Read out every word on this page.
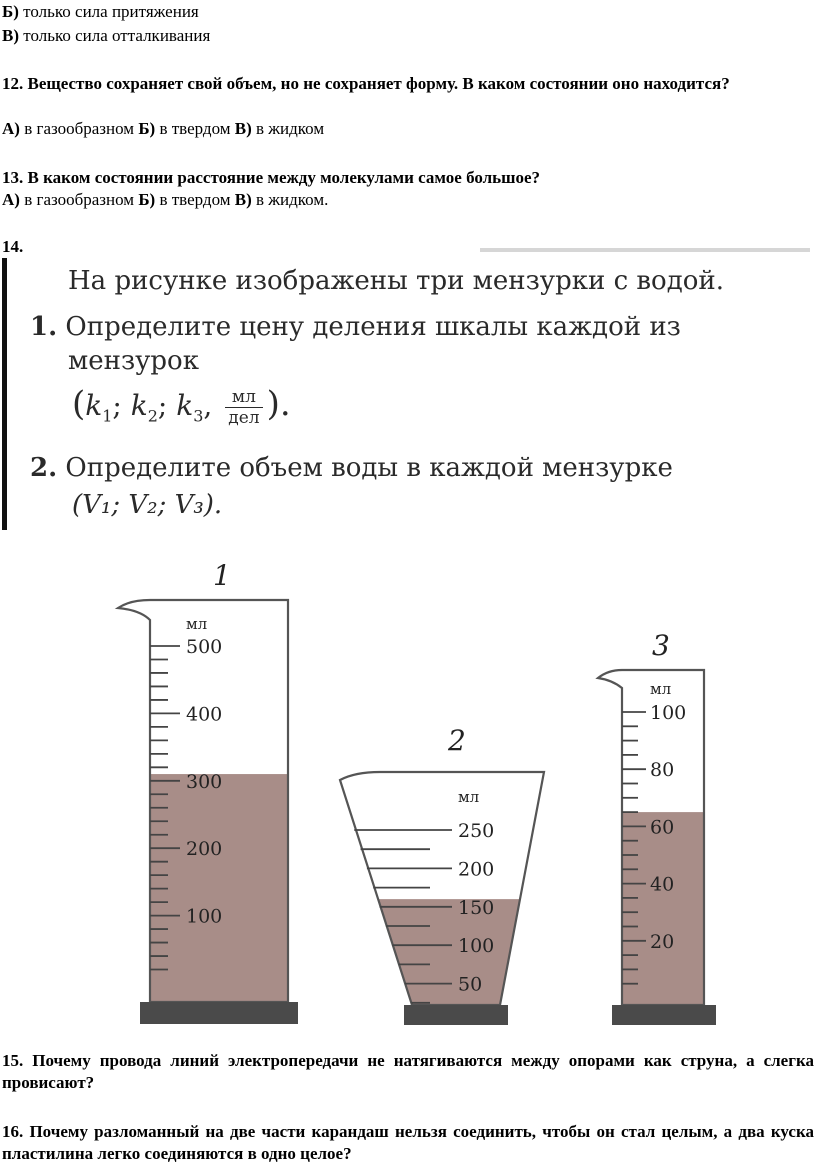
Б) только сила притяжения
В) только сила отталкивания
12. Вещество сохраняет свой объем, но не сохраняет форму. В каком состоянии оно находится?
А) в газообразном Б) в твердом В) в жидком
13. В каком состоянии расстояние между молекулами самое большое?
А) в газообразном Б) в твердом В) в жидком.
14.
На рисунке изображены три мензурки с водой.
1. Определите цену деления шкалы каждой из
мензурок
($k_1$; $k_2$; $k_3$,	мл
дел ).
2. Определите объем воды в каждой мензурке
(V₁; V₂; V₃).
1
мл
500
400
300
200
100
2
мл
250
200
150
100
50
3
мл
100
80
60
40
20
15. Почему провода линий электропередачи не натягиваются между опорами как струна, а слегка провисают?
16. Почему разломанный на две части карандаш нельзя соединить, чтобы он стал целым, а два куска пластилина легко соединяются в одно целое?
